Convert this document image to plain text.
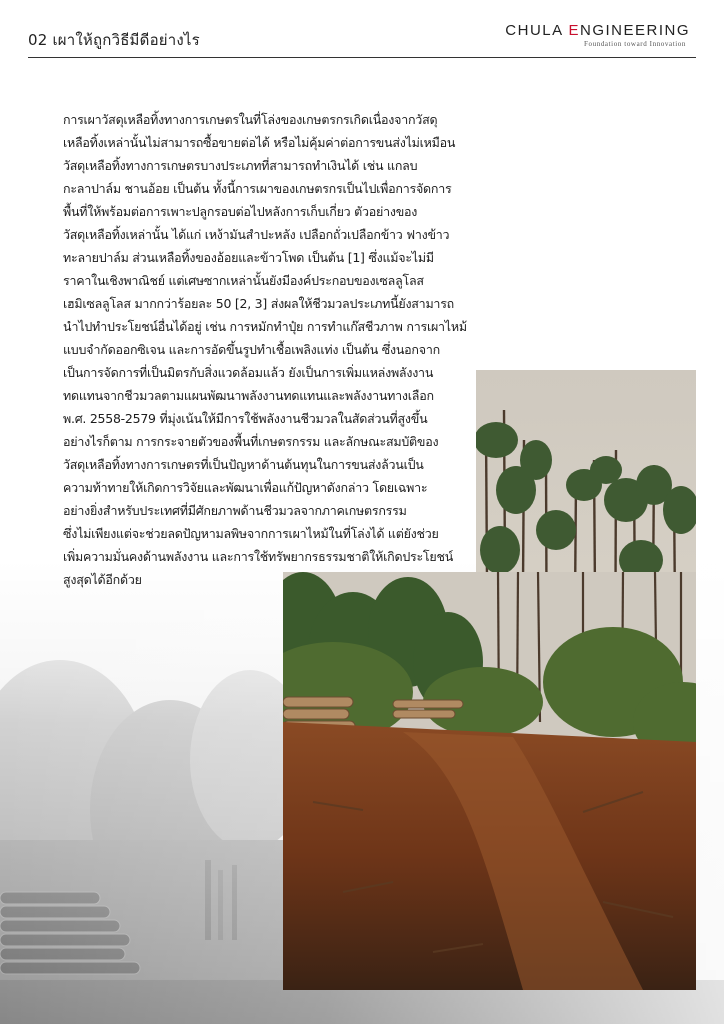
02 เผาให้ถูกวิธีมีดีอย่างไร
CHULA ENGINEERING
Foundation toward Innovation
การเผาวัสดุเหลือทิ้งทางการเกษตรในที่โล่งของเกษตรกรเกิดเนื่องจากวัสดุ
เหลือทิ้งเหล่านั้นไม่สามารถซื้อขายต่อได้ หรือไม่คุ้มค่าต่อการขนส่งไม่เหมือน
วัสดุเหลือทิ้งทางการเกษตรบางประเภทที่สามารถทำเงินได้ เช่น แกลบ
กะลาปาล์ม ชานอ้อย เป็นต้น ทั้งนี้การเผาของเกษตรกรเป็นไปเพื่อการจัดการ
พื้นที่ให้พร้อมต่อการเพาะปลูกรอบต่อไปหลังการเก็บเกี่ยว ตัวอย่างของ
วัสดุเหลือทิ้งเหล่านั้น ได้แก่ เหง้ามันสำปะหลัง เปลือกถั่วเปลือกข้าว ฟางข้าว
ทะลายปาล์ม ส่วนเหลือทิ้งของอ้อยและข้าวโพด เป็นต้น [1] ซึ่งแม้จะไม่มี
ราคาในเชิงพาณิชย์ แต่เศษซากเหล่านั้นยังมีองค์ประกอบของเซลลูโลส
เฮมิเซลลูโลส มากกว่าร้อยละ 50 [2, 3] ส่งผลให้ชีวมวลประเภทนี้ยังสามารถ
นำไปทำประโยชน์อื่นได้อยู่ เช่น การหมักทำปุ๋ย การทำแก๊สชีวภาพ การเผาไหม้
แบบจำกัดออกซิเจน และการอัดขึ้นรูปทำเชื้อเพลิงแท่ง เป็นต้น ซึ่งนอกจาก
เป็นการจัดการที่เป็นมิตรกับสิ่งแวดล้อมแล้ว ยังเป็นการเพิ่มแหล่งพลังงาน
ทดแทนจากชีวมวลตามแผนพัฒนาพลังงานทดแทนและพลังงานทางเลือก
พ.ศ. 2558-2579 ที่มุ่งเน้นให้มีการใช้พลังงานชีวมวลในสัดส่วนที่สูงขึ้น
อย่างไรก็ตาม การกระจายตัวของพื้นที่เกษตรกรรม และลักษณะสมบัติของ
วัสดุเหลือทิ้งทางการเกษตรที่เป็นปัญหาด้านต้นทุนในการขนส่งล้วนเป็น
ความท้าทายให้เกิดการวิจัยและพัฒนาเพื่อแก้ปัญหาดังกล่าว โดยเฉพาะ
อย่างยิ่งสำหรับประเทศที่มีศักยภาพด้านชีวมวลจากภาคเกษตรกรรม
ซึ่งไม่เพียงแต่จะช่วยลดปัญหามลพิษจากการเผาไหม้ในที่โล่งได้ แต่ยังช่วย
เพิ่มความมั่นคงด้านพลังงาน และการใช้ทรัพยากรธรรมชาติให้เกิดประโยชน์
สูงสุดได้อีกด้วย
